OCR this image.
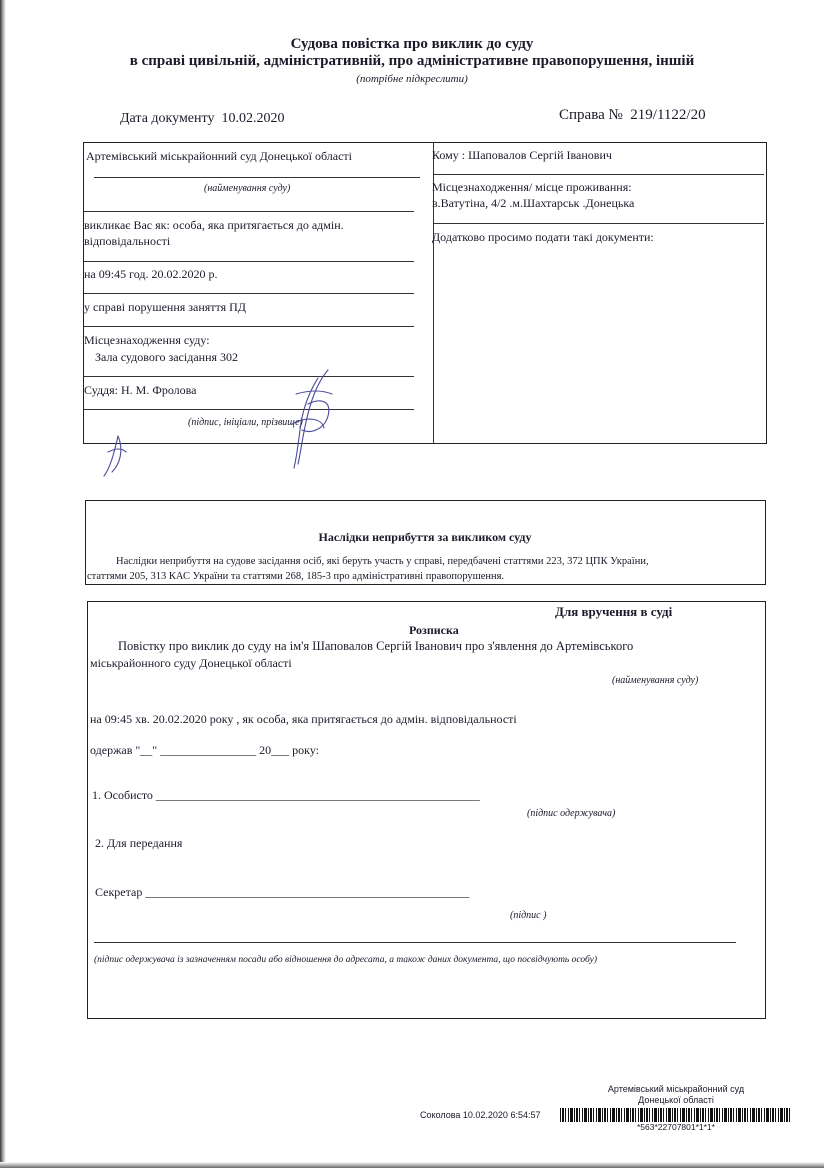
Судова повістка про виклик до суду
в справі цивільній, адміністративній, про адміністративне правопорушення, іншій
(потрібне підкреслити)
Дата документу 10.02.2020	Справа № 219/1122/20
Артемівський міськрайонний суд Донецької області
(найменування суду)
викликає Вас як: особа, яка притягається до адмін.
відповідальності
на 09:45 год. 20.02.2020 р.
у справі порушення заняття ПД
Місцезнаходження суду:
Зала судового засідання 302
Суддя: Н. М. Фролова
(підпис, ініціали, прізвище)
Кому : Шаповалов Сергій Іванович
Місцезнаходження/ місце проживання:
в.Ватутіна, 4/2 .м.Шахтарськ .Донецька
Додатково просимо подати такі документи:
Наслідки неприбуття за викликом суду
Наслідки неприбуття на судове засідання осіб, які беруть участь у справі, передбачені статтями 223, 372 ЦПК України,
статтями 205, 313 КАС України та статтями 268, 185-3 про адміністративні правопорушення.
Для вручення в суді
Розписка
Повістку про виклик до суду на ім'я Шаповалов Сергій Іванович про з'явлення до Артемівського
міськрайонного суду Донецької області
(найменування суду)
на 09:45 хв. 20.02.2020 року , як особа, яка притягається до адмін. відповідальності
одержав "__" ________________ 20___ року:
1. Особисто ______________________________________________________
(підпис одержувача)
2. Для передання
Секретар ______________________________________________________
(підпис )
(підпис одержувача із зазначенням посади або відношення до адресата, а також даних документа, що посвідчують особу)
Артемівський міськрайонний суд
Донецької області
Соколова 10.02.2020 6:54:57
*563*22707801*1*1*
